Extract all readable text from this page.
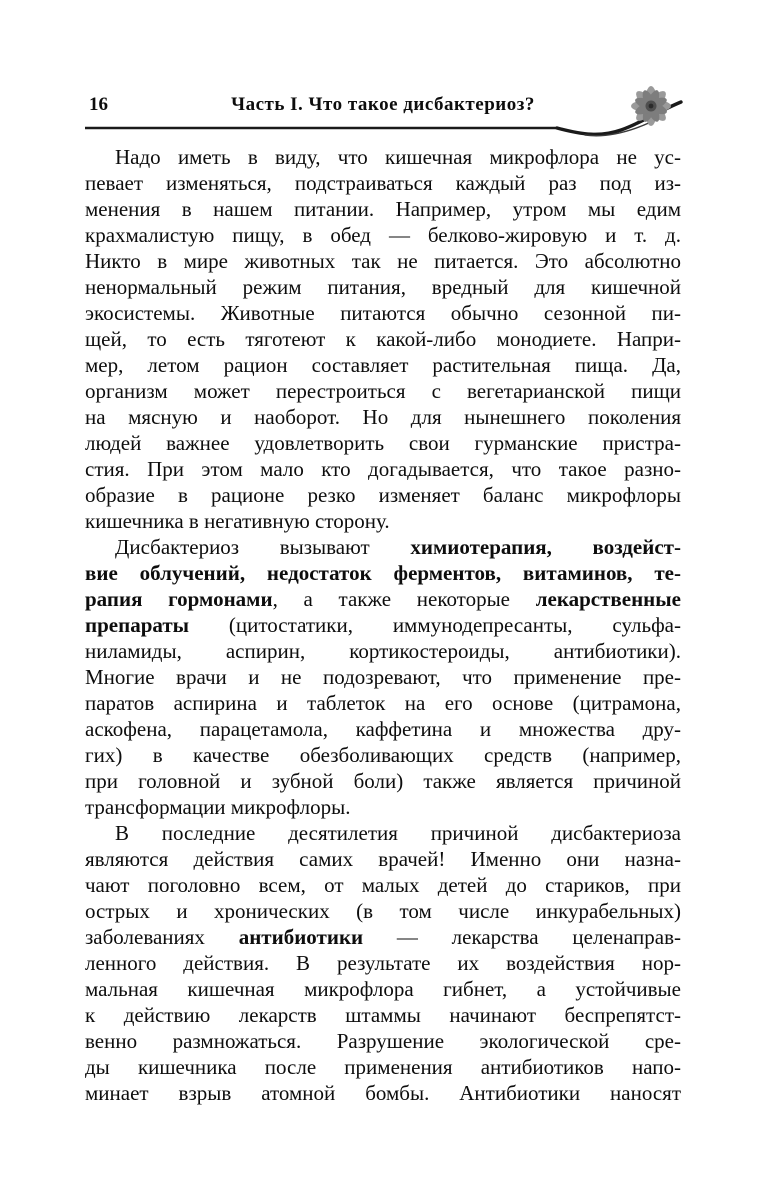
16	Часть I. Что такое дисбактериоз?
Надо иметь в виду, что кишечная микрофлора не ус-
певает изменяться, подстраиваться каждый раз под из-
менения в нашем питании. Например, утром мы едим
крахмалистую пищу, в обед — белково-жировую и т. д.
Никто в мире животных так не питается. Это абсолютно
ненормальный режим питания, вредный для кишечной
экосистемы. Животные питаются обычно сезонной пи-
щей, то есть тяготеют к какой-либо монодиете. Напри-
мер, летом рацион составляет растительная пища. Да,
организм может перестроиться с вегетарианской пищи
на мясную и наоборот. Но для нынешнего поколения
людей важнее удовлетворить свои гурманские пристра-
стия. При этом мало кто догадывается, что такое разно-
образие в рационе резко изменяет баланс микрофлоры
кишечника в негативную сторону.
Дисбактериоз вызывают химиотерапия, воздейст-
вие облучений, недостаток ферментов, витаминов, те-
рапия гормонами, а также некоторые лекарственные
препараты (цитостатики, иммунодепресанты, сульфа-
ниламиды, аспирин, кортикостероиды, антибиотики).
Многие врачи и не подозревают, что применение пре-
паратов аспирина и таблеток на его основе (цитрамона,
аскофена, парацетамола, каффетина и множества дру-
гих) в качестве обезболивающих средств (например,
при головной и зубной боли) также является причиной
трансформации микрофлоры.
В последние десятилетия причиной дисбактериоза
являются действия самих врачей! Именно они назна-
чают поголовно всем, от малых детей до стариков, при
острых и хронических (в том числе инкурабельных)
заболеваниях антибиотики — лекарства целенаправ-
ленного действия. В результате их воздействия нор-
мальная кишечная микрофлора гибнет, а устойчивые
к действию лекарств штаммы начинают беспрепятст-
венно размножаться. Разрушение экологической сре-
ды кишечника после применения антибиотиков напо-
минает взрыв атомной бомбы. Антибиотики наносят
